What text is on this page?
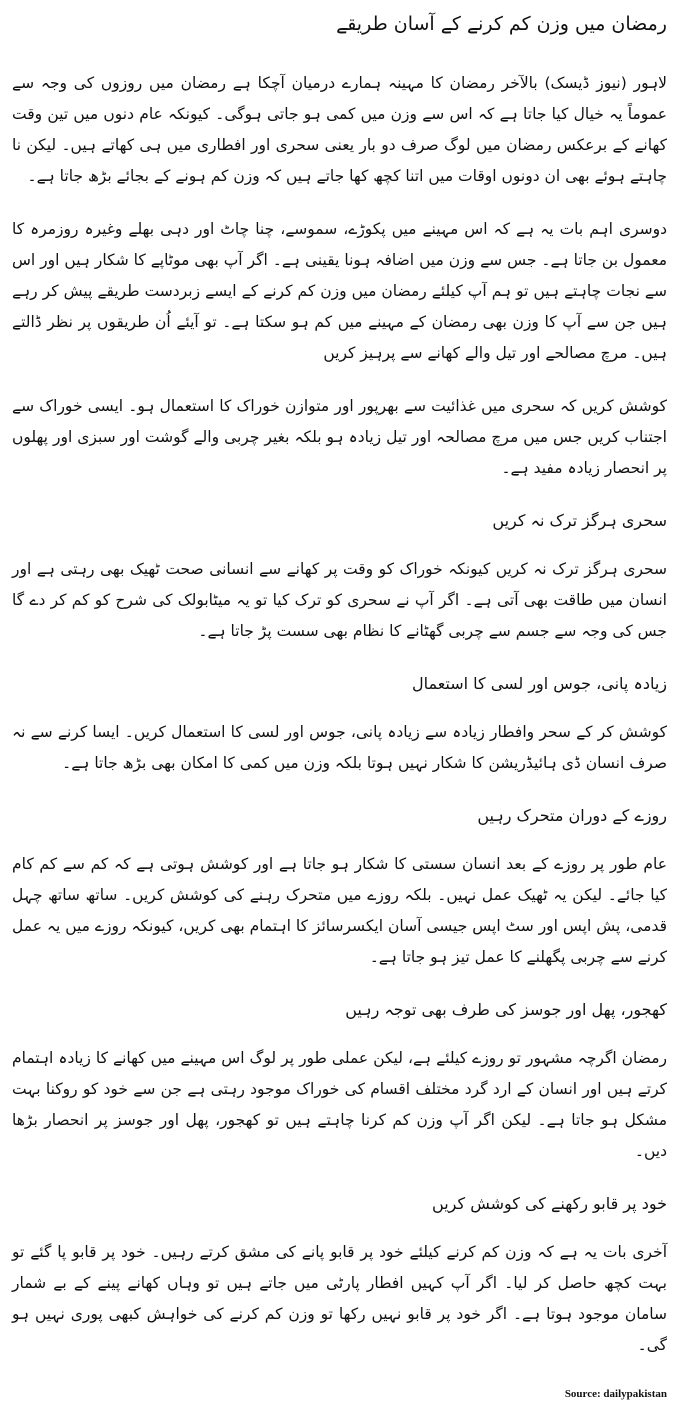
رمضان میں وزن کم کرنے کے آسان طریقے

لاہور (نیوز ڈیسک) بالآخر رمضان کا مہینہ ہمارے درمیان آچکا ہے رمضان میں روزوں کی وجہ سے عموماً یہ خیال کیا جاتا ہے کہ اس سے وزن میں کمی ہو جاتی ہوگی۔ کیونکہ عام دنوں میں تین وقت کھانے کے برعکس رمضان میں لوگ صرف دو بار یعنی سحری اور افطاری میں ہی کھاتے ہیں۔ لیکن نا چاہتے ہوئے بھی ان دونوں اوقات میں اتنا کچھ کھا جاتے ہیں کہ وزن کم ہونے کے بجائے بڑھ جاتا ہے۔

دوسری اہم بات یہ ہے کہ اس مہینے میں پکوڑے، سموسے، چنا چاٹ اور دہی بھلے وغیرہ روزمرہ کا معمول بن جاتا ہے۔ جس سے وزن میں اضافہ ہونا یقینی ہے۔ اگر آپ بھی موٹاپے کا شکار ہیں اور اس سے نجات چاہتے ہیں تو ہم آپ کیلئے رمضان میں وزن کم کرنے کے ایسے زبردست طریقے پیش کر رہے ہیں جن سے آپ کا وزن بھی رمضان کے مہینے میں کم ہو سکتا ہے۔ تو آیئے اُن طریقوں پر نظر ڈالتے ہیں۔ مرچ مصالحے اور تیل والے کھانے سے پرہیز کریں

کوشش کریں کہ سحری میں غذائیت سے بھرپور اور متوازن خوراک کا استعمال ہو۔ ایسی خوراک سے اجتناب کریں جس میں مرچ مصالحہ اور تیل زیادہ ہو بلکہ بغیر چربی والے گوشت اور سبزی اور پھلوں پر انحصار زیادہ مفید ہے۔

سحری ہرگز ترک نہ کریں

سحری ہرگز ترک نہ کریں کیونکہ خوراک کو وقت پر کھانے سے انسانی صحت ٹھیک بھی رہتی ہے اور انسان میں طاقت بھی آتی ہے۔ اگر آپ نے سحری کو ترک کیا تو یہ میٹابولک کی شرح کو کم کر دے گا جس کی وجہ سے جسم سے چربی گھٹانے کا نظام بھی سست پڑ جاتا ہے۔

زیادہ پانی، جوس اور لسی کا استعمال

کوشش کر کے سحر وافطار زیادہ سے زیادہ پانی، جوس اور لسی کا استعمال کریں۔ ایسا کرنے سے نہ صرف انسان ڈی ہائیڈریشن کا شکار نہیں ہوتا بلکہ وزن میں کمی کا امکان بھی بڑھ جاتا ہے۔

روزے کے دوران متحرک رہیں

عام طور پر روزے کے بعد انسان سستی کا شکار ہو جاتا ہے اور کوشش ہوتی ہے کہ کم سے کم کام کیا جائے۔ لیکن یہ ٹھیک عمل نہیں۔ بلکہ روزے میں متحرک رہنے کی کوشش کریں۔ ساتھ ساتھ چہل قدمی، پش اپس اور سٹ اپس جیسی آسان ایکسرسائز کا اہتمام بھی کریں، کیونکہ روزے میں یہ عمل کرنے سے چربی پگھلنے کا عمل تیز ہو جاتا ہے۔

کھجور، پھل اور جوسز کی طرف بھی توجہ رہیں

رمضان اگرچہ مشہور تو روزے کیلئے ہے، لیکن عملی طور پر لوگ اس مہینے میں کھانے کا زیادہ اہتمام کرتے ہیں اور انسان کے ارد گرد مختلف اقسام کی خوراک موجود رہتی ہے جن سے خود کو روکنا بہت مشکل ہو جاتا ہے۔ لیکن اگر آپ وزن کم کرنا چاہتے ہیں تو کھجور، پھل اور جوسز پر انحصار بڑھا دیں۔

خود پر قابو رکھنے کی کوشش کریں

آخری بات یہ ہے کہ وزن کم کرنے کیلئے خود پر قابو پانے کی مشق کرتے رہیں۔ خود پر قابو پا گئے تو بہت کچھ حاصل کر لیا۔ اگر آپ کہیں افطار پارٹی میں جاتے ہیں تو وہاں کھانے پینے کے بے شمار سامان موجود ہوتا ہے۔ اگر خود پر قابو نہیں رکھا تو وزن کم کرنے کی خواہش کبھی پوری نہیں ہو گی۔

Source: dailypakistan
